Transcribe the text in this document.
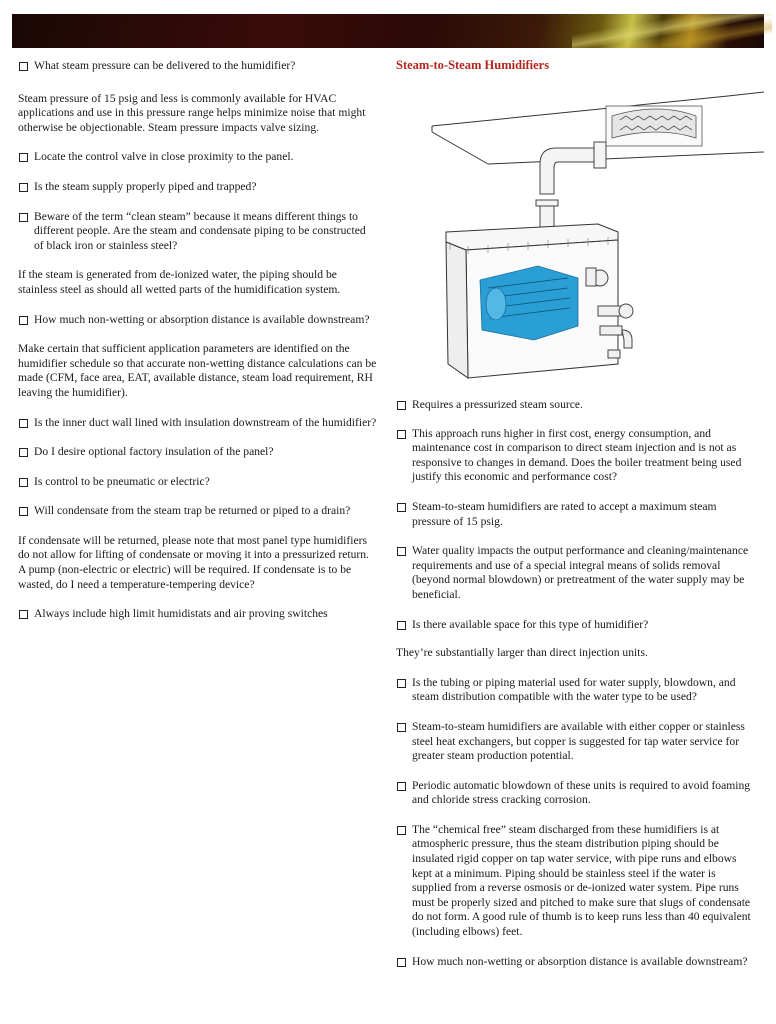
What steam pressure can be delivered to the humidifier?
Steam pressure of 15 psig and less is commonly available for HVAC applications and use in this pressure range helps minimize noise that might otherwise be objectionable. Steam pressure impacts valve sizing.
Locate the control valve in close proximity to the panel.
Is the steam supply properly piped and trapped?
Beware of the term “clean steam” because it means different things to different people. Are the steam and condensate piping to be constructed of black iron or stainless steel?
If the steam is generated from de-ionized water, the piping should be stainless steel as should all wetted parts of the humidification system.
How much non-wetting or absorption distance is available downstream?
Make certain that sufficient application parameters are identified on the humidifier schedule so that accurate non-wetting distance calculations can be made (CFM, face area, EAT, available distance, steam load requirement, RH leaving the humidifier).
Is the inner duct wall lined with insulation downstream of the humidifier?
Do I desire optional factory insulation of the panel?
Is control to be pneumatic or electric?
Will condensate from the steam trap be returned or piped to a drain?
If condensate will be returned, please note that most panel type humidifiers do not allow for lifting of condensate or moving it into a pressurized return. A pump (non-electric or electric) will be required. If condensate is to be wasted, do I need a temperature-tempering device?
Always include high limit humidistats and air proving switches
Steam-to-Steam Humidifiers
Requires a pressurized steam source.
This approach runs higher in first cost, energy consumption, and maintenance cost in comparison to direct steam injection and is not as responsive to changes in demand. Does the boiler treatment being used justify this economic and performance cost?
Steam-to-steam humidifiers are rated to accept a maximum steam pressure of 15 psig.
Water quality impacts the output performance and cleaning/maintenance requirements and use of a special integral means of solids removal (beyond normal blowdown) or pretreatment of the water supply may be beneficial.
Is there available space for this type of humidifier?
They’re substantially larger than direct injection units.
Is the tubing or piping material used for water supply, blowdown, and steam distribution compatible with the water type to be used?
Steam-to-steam humidifiers are available with either copper or stainless steel heat exchangers, but copper is suggested for tap water service for greater steam production potential.
Periodic automatic blowdown of these units is required to avoid foaming and chloride stress cracking corrosion.
The “chemical free” steam discharged from these humidifiers is at atmospheric pressure, thus the steam distribution piping should be insulated rigid copper on tap water service, with pipe runs and elbows kept at a minimum. Piping should be stainless steel if the water is supplied from a reverse osmosis or de-ionized water system. Pipe runs must be properly sized and pitched to make sure that slugs of condensate do not form. A good rule of thumb is to keep runs less than 40 equivalent (including elbows) feet.
How much non-wetting or absorption distance is available downstream?
